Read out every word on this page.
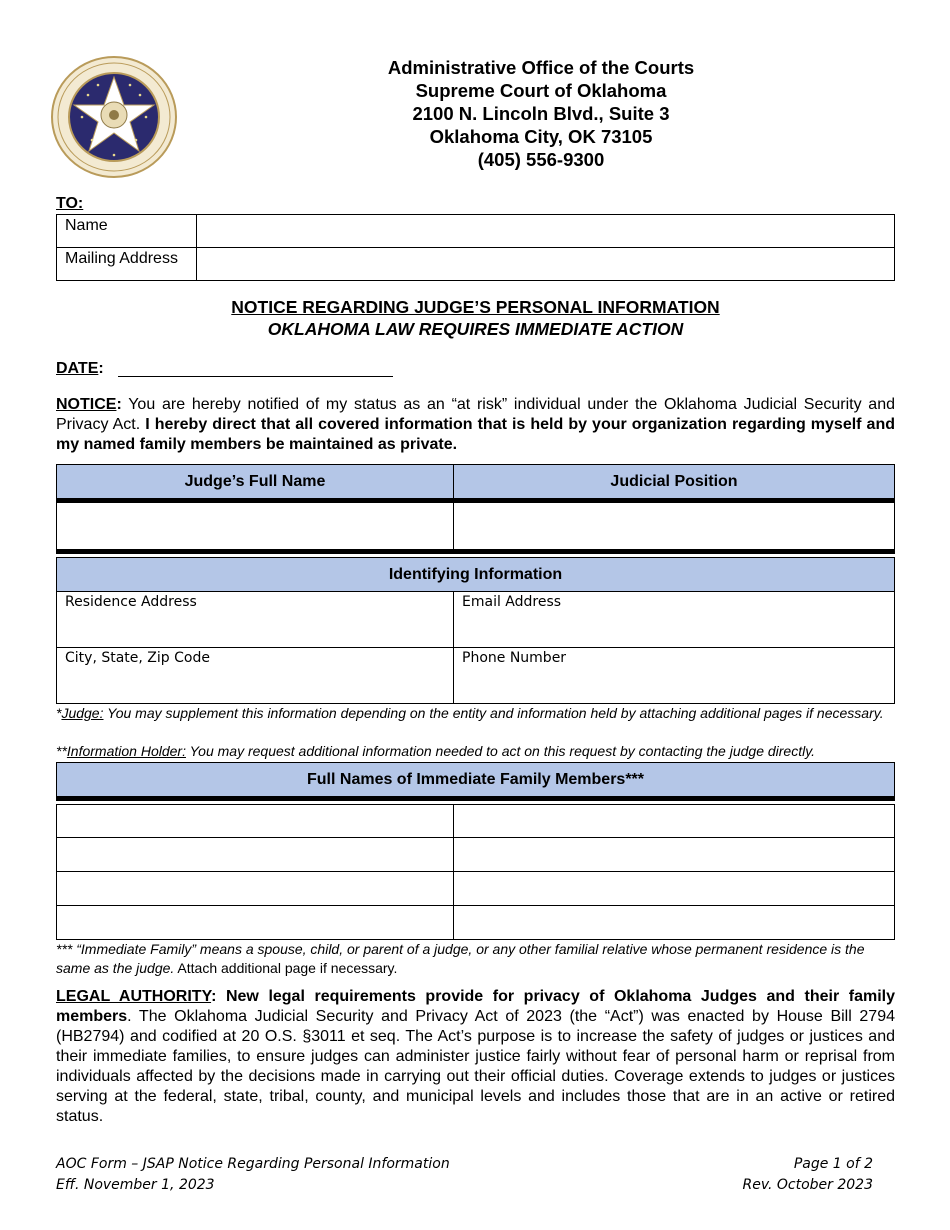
Administrative Office of the Courts
Supreme Court of Oklahoma
2100 N. Lincoln Blvd., Suite 3
Oklahoma City, OK 73105
(405) 556-9300
TO:
Name	
Mailing Address	
NOTICE REGARDING JUDGE’S PERSONAL INFORMATION
OKLAHOMA LAW REQUIRES IMMEDIATE ACTION
DATE:
NOTICE: You are hereby notified of my status as an “at risk” individual under the Oklahoma Judicial Security and Privacy Act. I hereby direct that all covered information that is held by your organization regarding myself and my named family members be maintained as private.
Judge’s Full Name	Judicial Position
Identifying Information
Residence Address	Email Address
City, State, Zip Code	Phone Number
*Judge: You may supplement this information depending on the entity and information held by attaching additional pages if necessary.
**Information Holder: You may request additional information needed to act on this request by contacting the judge directly.
Full Names of Immediate Family Members***
*** “Immediate Family” means a spouse, child, or parent of a judge, or any other familial relative whose permanent residence is the same as the judge. Attach additional page if necessary.
LEGAL AUTHORITY: New legal requirements provide for privacy of Oklahoma Judges and their family members. The Oklahoma Judicial Security and Privacy Act of 2023 (the “Act”) was enacted by House Bill 2794 (HB2794) and codified at 20 O.S. §3011 et seq. The Act’s purpose is to increase the safety of judges or justices and their immediate families, to ensure judges can administer justice fairly without fear of personal harm or reprisal from individuals affected by the decisions made in carrying out their official duties. Coverage extends to judges or justices serving at the federal, state, tribal, county, and municipal levels and includes those that are in an active or retired status.
AOC Form – JSAP Notice Regarding Personal Information
Eff. November 1, 2023
Page 1 of 2
Rev. October 2023
